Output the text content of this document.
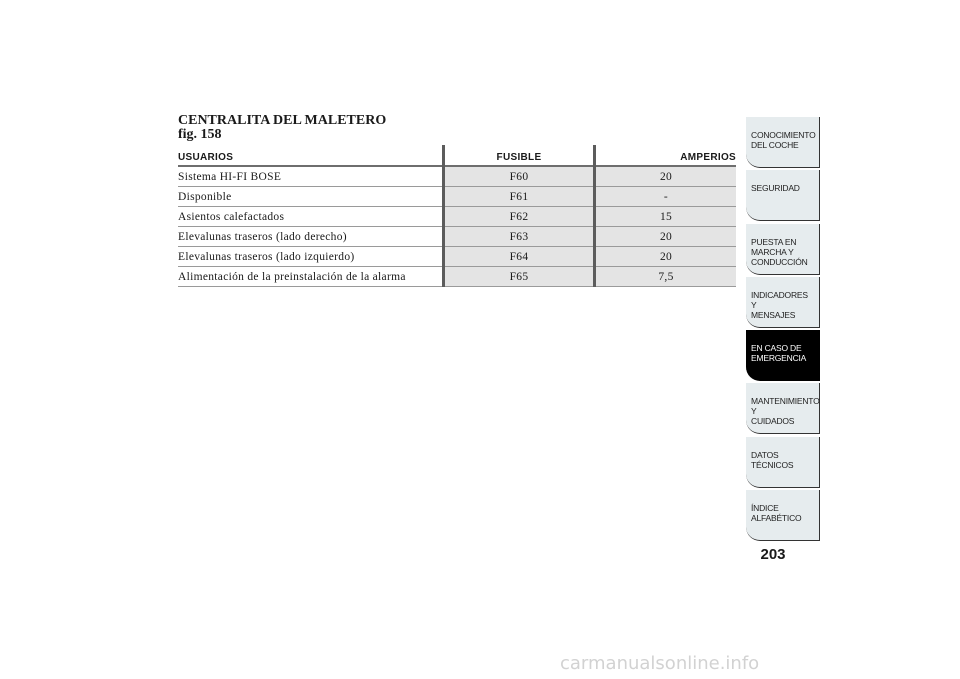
CENTRALITA DEL MALETERO
fig. 158
USUARIOS	FUSIBLE	AMPERIOS
Sistema HI-FI BOSE	F60	20
Disponible	F61	-
Asientos calefactados	F62	15
Elevalunas traseros (lado derecho)	F63	20
Elevalunas traseros (lado izquierdo)	F64	20
Alimentación de la preinstalación de la alarma	F65	7,5
CONOCIMIENTO
DEL COCHE
SEGURIDAD
PUESTA EN
MARCHA Y
CONDUCCIÓN
INDICADORES Y
MENSAJES
EN CASO DE
EMERGENCIA
MANTENIMIENTO Y
CUIDADOS
DATOS TÉCNICOS
ÍNDICE
ALFABÉTICO
203
carmanualsonline.info
